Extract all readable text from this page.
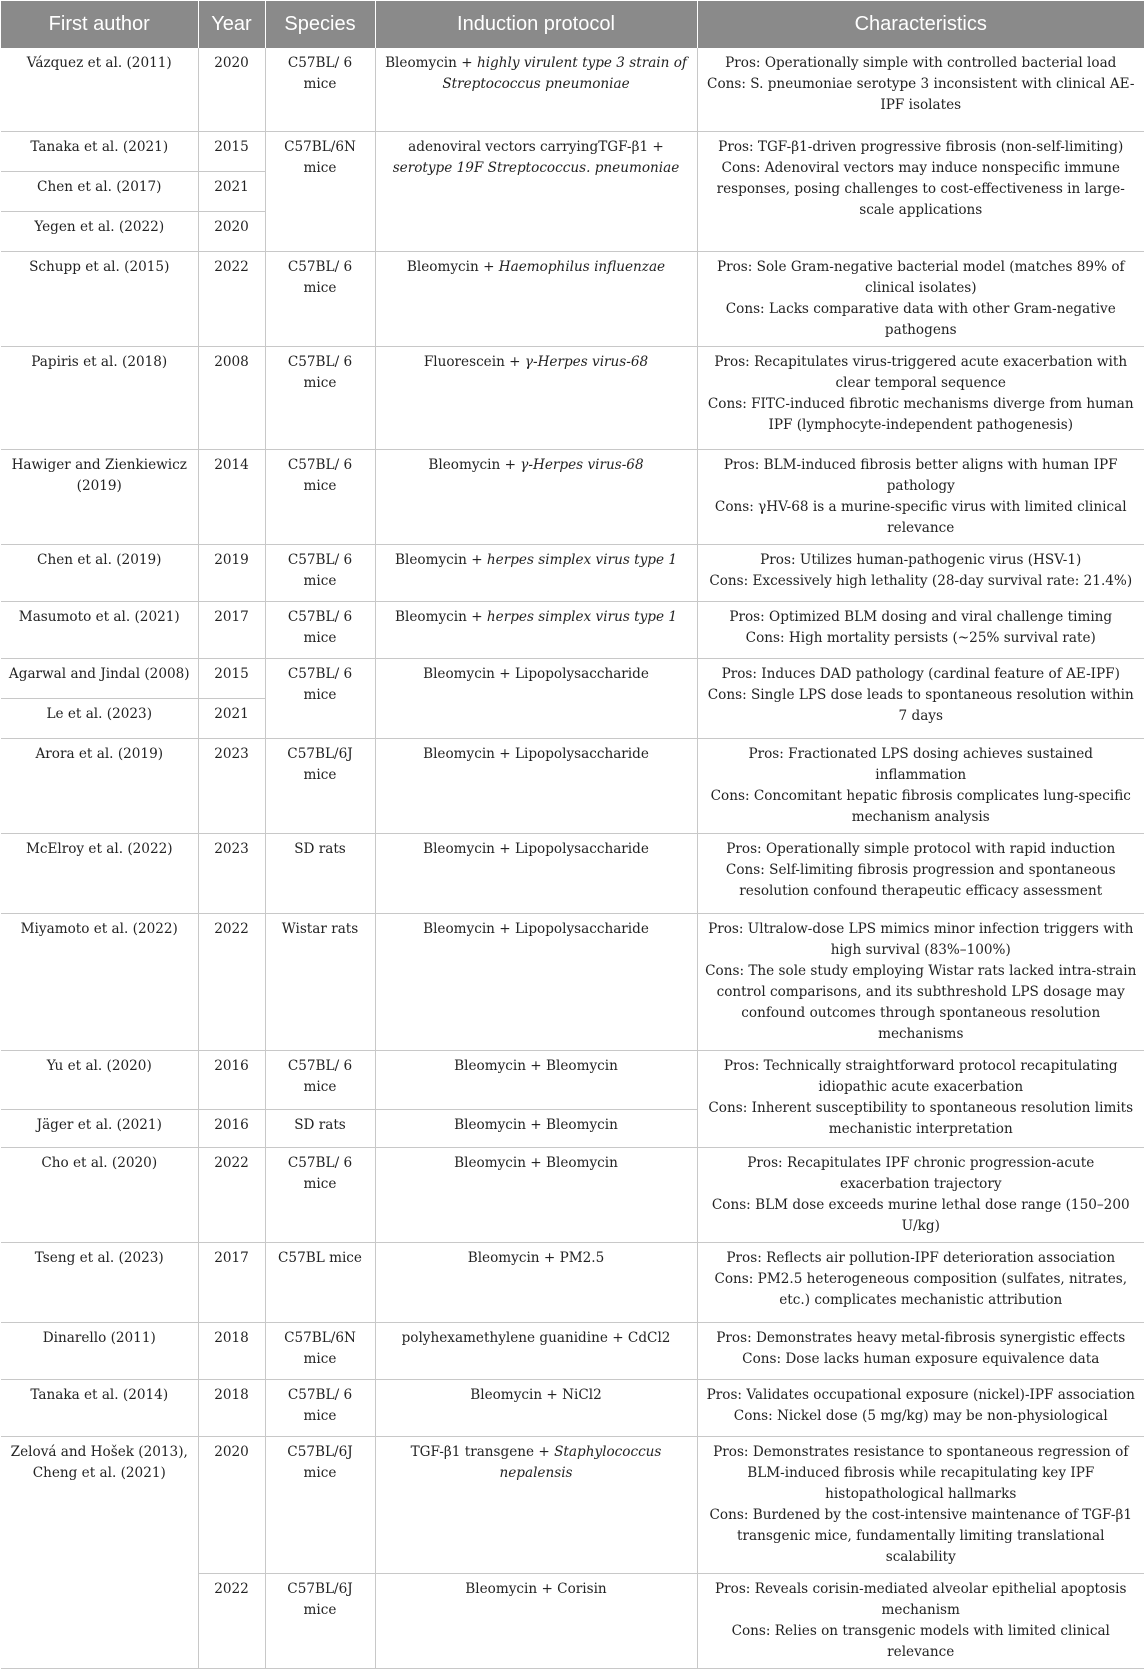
First author	Year	Species	Induction protocol	Characteristics
Vázquez et al. (2011)	2020	C57BL/ 6 mice	Bleomycin + highly virulent type 3 strain of Streptococcus pneumoniae	Pros: Operationally simple with controlled bacterial load
Cons: S. pneumoniae serotype 3 inconsistent with clinical AE-IPF isolates

Tanaka et al. (2021)	2015	C57BL/6N mice	adenoviral vectors carryingTGF-β1 + serotype 19F Streptococcus. pneumoniae	Pros: TGF-β1-driven progressive fibrosis (non-self-limiting)
Cons: Adenoviral vectors may induce nonspecific immune responses, posing challenges to cost-effectiveness in large-scale applications

Chen et al. (2017)	2021			
Yegen et al. (2022)	2020			
Schupp et al. (2015)	2022	C57BL/ 6 mice	Bleomycin + Haemophilus influenzae	Pros: Sole Gram-negative bacterial model (matches 89% of clinical isolates)
Cons: Lacks comparative data with other Gram-negative pathogens

Papiris et al. (2018)	2008	C57BL/ 6 mice	Fluorescein + γ-Herpes virus-68	Pros: Recapitulates virus-triggered acute exacerbation with clear temporal sequence
Cons: FITC-induced fibrotic mechanisms diverge from human IPF (lymphocyte-independent pathogenesis)

Hawiger and Zienkiewicz (2019)	2014	C57BL/ 6 mice	Bleomycin + γ-Herpes virus-68	Pros: BLM-induced fibrosis better aligns with human IPF pathology
Cons: γHV-68 is a murine-specific virus with limited clinical relevance

Chen et al. (2019)	2019	C57BL/ 6 mice	Bleomycin + herpes simplex virus type 1	Pros: Utilizes human-pathogenic virus (HSV-1)
Cons: Excessively high lethality (28-day survival rate: 21.4%)

Masumoto et al. (2021)	2017	C57BL/ 6 mice	Bleomycin + herpes simplex virus type 1	Pros: Optimized BLM dosing and viral challenge timing
Cons: High mortality persists (~25% survival rate)

Agarwal and Jindal (2008)	2015	C57BL/ 6 mice	Bleomycin + Lipopolysaccharide	Pros: Induces DAD pathology (cardinal feature of AE-IPF)
Cons: Single LPS dose leads to spontaneous resolution within 7 days

Le et al. (2023)	2021			
Arora et al. (2019)	2023	C57BL/6J mice	Bleomycin + Lipopolysaccharide	Pros: Fractionated LPS dosing achieves sustained inflammation
Cons: Concomitant hepatic fibrosis complicates lung-specific mechanism analysis

McElroy et al. (2022)	2023	SD rats	Bleomycin + Lipopolysaccharide	Pros: Operationally simple protocol with rapid induction
Cons: Self-limiting fibrosis progression and spontaneous resolution confound therapeutic efficacy assessment

Miyamoto et al. (2022)	2022	Wistar rats	Bleomycin + Lipopolysaccharide	Pros: Ultralow-dose LPS mimics minor infection triggers with high survival (83%–100%)
Cons: The sole study employing Wistar rats lacked intra-strain control comparisons, and its subthreshold LPS dosage may confound outcomes through spontaneous resolution mechanisms

Yu et al. (2020)	2016	C57BL/ 6 mice	Bleomycin + Bleomycin	Pros: Technically straightforward protocol recapitulating idiopathic acute exacerbation
Cons: Inherent susceptibility to spontaneous resolution limits mechanistic interpretation

Jäger et al. (2021)	2016	SD rats	Bleomycin + Bleomycin	
Cho et al. (2020)	2022	C57BL/ 6 mice	Bleomycin + Bleomycin	Pros: Recapitulates IPF chronic progression-acute exacerbation trajectory
Cons: BLM dose exceeds murine lethal dose range (150–200 U/kg)

Tseng et al. (2023)	2017	C57BL mice	Bleomycin + PM2.5	Pros: Reflects air pollution-IPF deterioration association
Cons: PM2.5 heterogeneous composition (sulfates, nitrates, etc.) complicates mechanistic attribution

Dinarello (2011)	2018	C57BL/6N mice	polyhexamethylene guanidine + CdCl2	Pros: Demonstrates heavy metal-fibrosis synergistic effects
Cons: Dose lacks human exposure equivalence data

Tanaka et al. (2014)	2018	C57BL/ 6 mice	Bleomycin + NiCl2	Pros: Validates occupational exposure (nickel)-IPF association
Cons: Nickel dose (5 mg/kg) may be non-physiological

Zelová and Hošek (2013), Cheng et al. (2021)	2020	C57BL/6J mice	TGF-β1 transgene + Staphylococcus nepalensis	Pros: Demonstrates resistance to spontaneous regression of BLM-induced fibrosis while recapitulating key IPF histopathological hallmarks
Cons: Burdened by the cost-intensive maintenance of TGF-β1 transgenic mice, fundamentally limiting translational scalability

	2022	C57BL/6J mice	Bleomycin + Corisin	Pros: Reveals corisin-mediated alveolar epithelial apoptosis mechanism
Cons: Relies on transgenic models with limited clinical relevance
